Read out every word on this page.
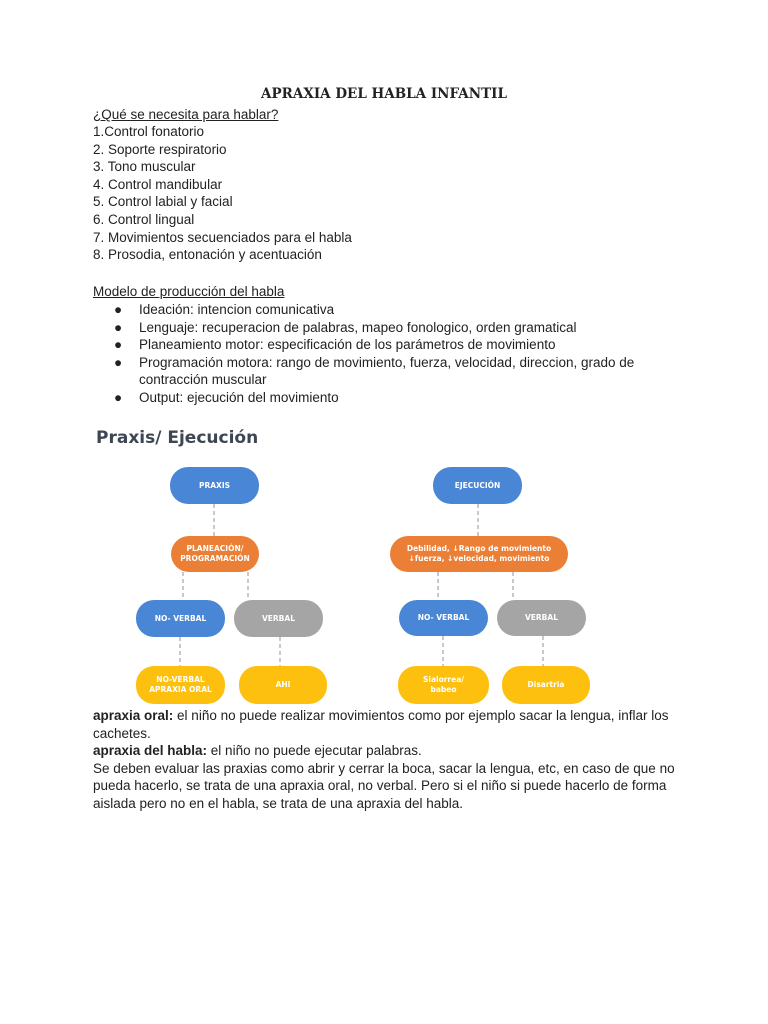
APRAXIA DEL HABLA INFANTIL
¿Qué se necesita para hablar?
1.Control fonatorio
2. Soporte respiratorio
3. Tono muscular
4. Control mandibular
5. Control labial y facial
6. Control lingual
7. Movimientos secuenciados para el habla
8. Prosodia, entonación y acentuación
Modelo de producción del habla
● Ideación: intencion comunicativa
● Lenguaje: recuperacion de palabras, mapeo fonologico, orden gramatical
● Planeamiento motor: especificación de los parámetros de movimiento
● Programación motora: rango de movimiento, fuerza, velocidad, direccion, grado de contracción muscular
● Output: ejecución del movimiento
Praxis/ Ejecución
PRAXIS
PLANEACIÓN/
PROGRAMACIÓN
NO- VERBAL	VERBAL
NO-VERBAL
APRAXIA ORAL
AHI
EJECUCIÓN
Debilidad, ↓Rango de movimiento
↓fuerza, ↓velocidad, movimiento
NO- VERBAL	VERBAL
Sialorrea/
babeo
Disartria

apraxia oral: el niño no puede realizar movimientos como por ejemplo sacar la lengua, inflar los cachetes.

apraxia del habla: el niño no puede ejecutar palabras.

Se deben evaluar las praxias como abrir y cerrar la boca, sacar la lengua, etc, en caso de que no pueda hacerlo, se trata de una apraxia oral, no verbal. Pero si el niño si puede hacerlo de forma aislada pero no en el habla, se trata de una apraxia del habla.
